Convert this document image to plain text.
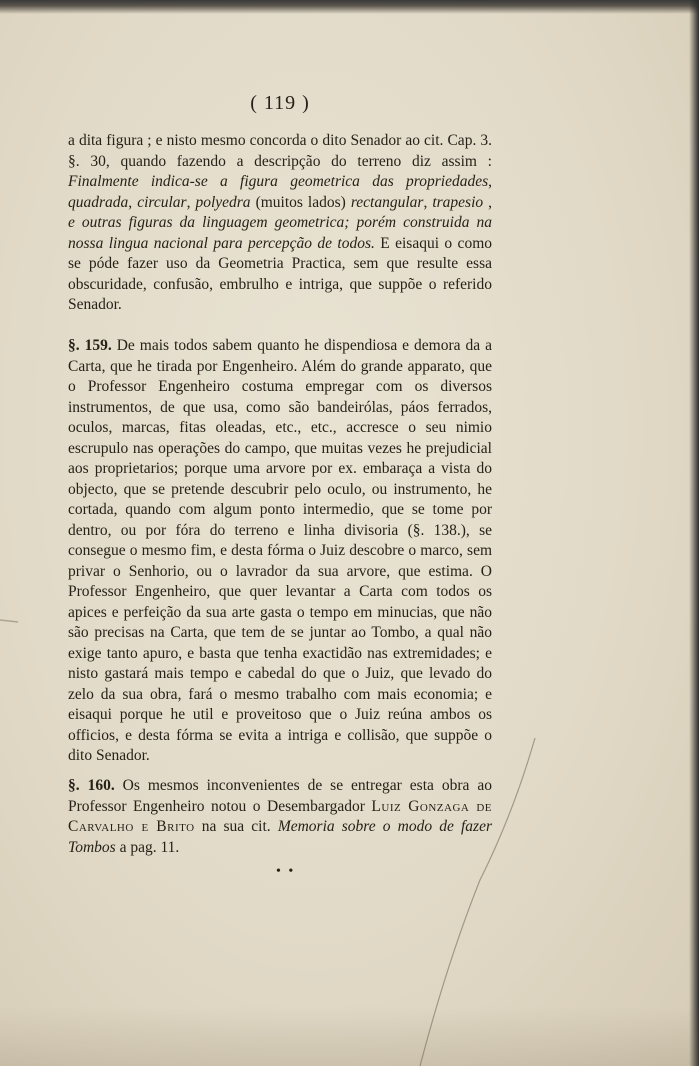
( 119 )

a dita figura ; e nisto mesmo concorda o dito Senador ao cit. Cap. 3. §. 30, quando fazendo a descripção do terreno diz assim : Finalmente indica-se a figura geometrica das propriedades, quadrada, circular, polyedra (muitos lados) rectangular, trapesio , e outras figuras da linguagem geometrica; porém construida na nossa lingua nacional para percepção de todos. E eisaqui o como se póde fazer uso da Geometria Practica, sem que resulte essa obscuridade, confusão, embrulho e intriga, que suppõe o referido Senador.

§. 159. De mais todos sabem quanto he dispendiosa e demora da a Carta, que he tirada por Engenheiro. Além do grande apparato, que o Professor Engenheiro costuma empregar com os diversos instrumentos, de que usa, como são bandeirólas, páos ferrados, oculos, marcas, fitas oleadas, etc., etc., accresce o seu nimio escrupulo nas operações do campo, que muitas vezes he prejudicial aos proprietarios; porque uma arvore por ex. embaraça a vista do objecto, que se pretende descubrir pelo oculo, ou instrumento, he cortada, quando com algum ponto intermedio, que se tome por dentro, ou por fóra do terreno e linha divisoria (§. 138.), se consegue o mesmo fim, e desta fórma o Juiz descobre o marco, sem privar o Senhorio, ou o lavrador da sua arvore, que estima. O Professor Engenheiro, que quer levantar a Carta com todos os apices e perfeição da sua arte gasta o tempo em minucias, que não são precisas na Carta, que tem de se juntar ao Tombo, a qual não exige tanto apuro, e basta que tenha exactidão nas extremidades; e nisto gastará mais tempo e cabedal do que o Juiz, que levado do zelo da sua obra, fará o mesmo trabalho com mais economia; e eisaqui porque he util e proveitoso que o Juiz reúna ambos os officios, e desta fórma se evita a intriga e collisão, que suppõe o dito Senador.

§. 160. Os mesmos inconvenientes de se entregar esta obra ao Professor Engenheiro notou o Desembargador Luiz Gonzaga de Carvalho e Brito na sua cit. Memoria sobre o modo de fazer Tombos a pag. 11.

• •
